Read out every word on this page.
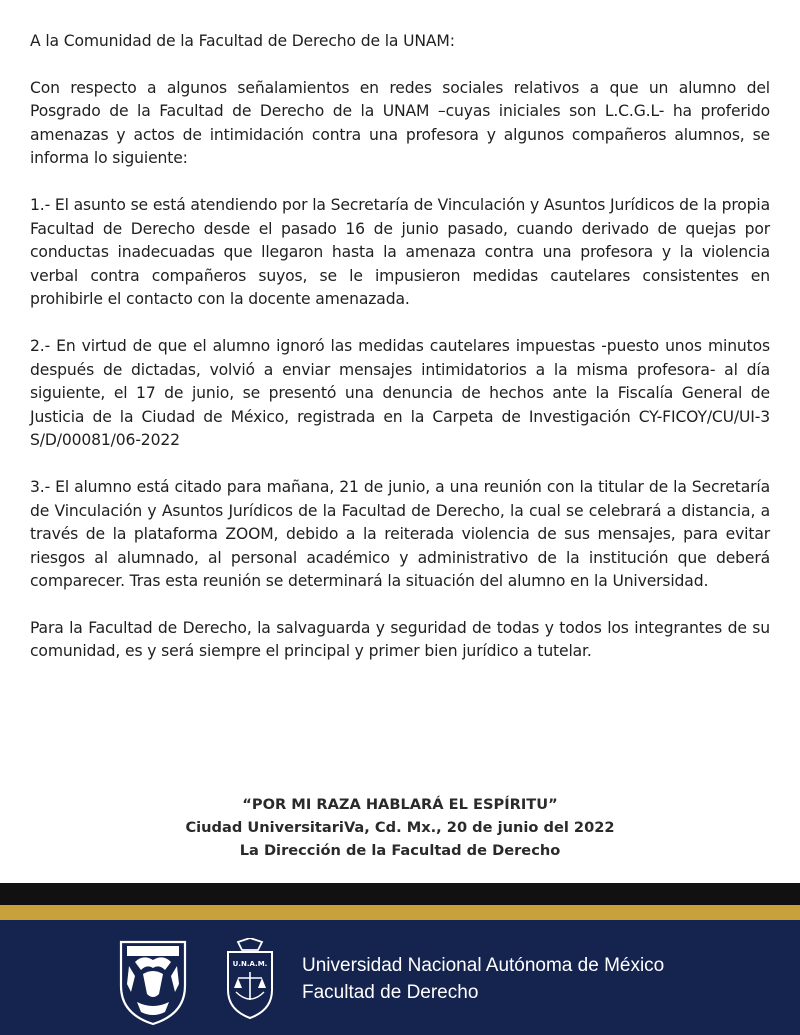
A la Comunidad de la Facultad de Derecho de la UNAM:

Con respecto a algunos señalamientos en redes sociales relativos a que un alumno del Posgrado de la Facultad de Derecho de la UNAM –cuyas iniciales son L.C.G.L- ha proferido amenazas y actos de intimidación contra una profesora y algunos compañeros alumnos, se informa lo siguiente:

1.- El asunto se está atendiendo por la Secretaría de Vinculación y Asuntos Jurídicos de la propia Facultad de Derecho desde el pasado 16 de junio pasado, cuando derivado de quejas por conductas inadecuadas que llegaron hasta la amenaza contra una profesora y la violencia verbal contra compañeros suyos, se le impusieron medidas cautelares consistentes en prohibirle el contacto con la docente amenazada.

2.- En virtud de que el alumno ignoró las medidas cautelares impuestas -puesto unos minutos después de dictadas, volvió a enviar mensajes intimidatorios a la misma profesora- al día siguiente, el 17 de junio, se presentó una denuncia de hechos ante la Fiscalía General de Justicia de la Ciudad de México, registrada en la Carpeta de Investigación CY-FICOY/CU/UI-3 S/D/00081/06-2022

3.- El alumno está citado para mañana, 21 de junio, a una reunión con la titular de la Secretaría de Vinculación y Asuntos Jurídicos de la Facultad de Derecho, la cual se celebrará a distancia, a través de la plataforma ZOOM, debido a la reiterada violencia de sus mensajes, para evitar riesgos al alumnado, al personal académico y administrativo de la institución que deberá comparecer. Tras esta reunión se determinará la situación del alumno en la Universidad.

Para la Facultad de Derecho, la salvaguarda y seguridad de todas y todos los integrantes de su comunidad, es y será siempre el principal y primer bien jurídico a tutelar.

“POR MI RAZA HABLARÁ EL ESPÍRITU”
Ciudad UniversitariVa, Cd. Mx., 20 de junio del 2022
La Dirección de la Facultad de Derecho
U.N.A.M. Universidad Nacional Autónoma de México
Facultad de Derecho
